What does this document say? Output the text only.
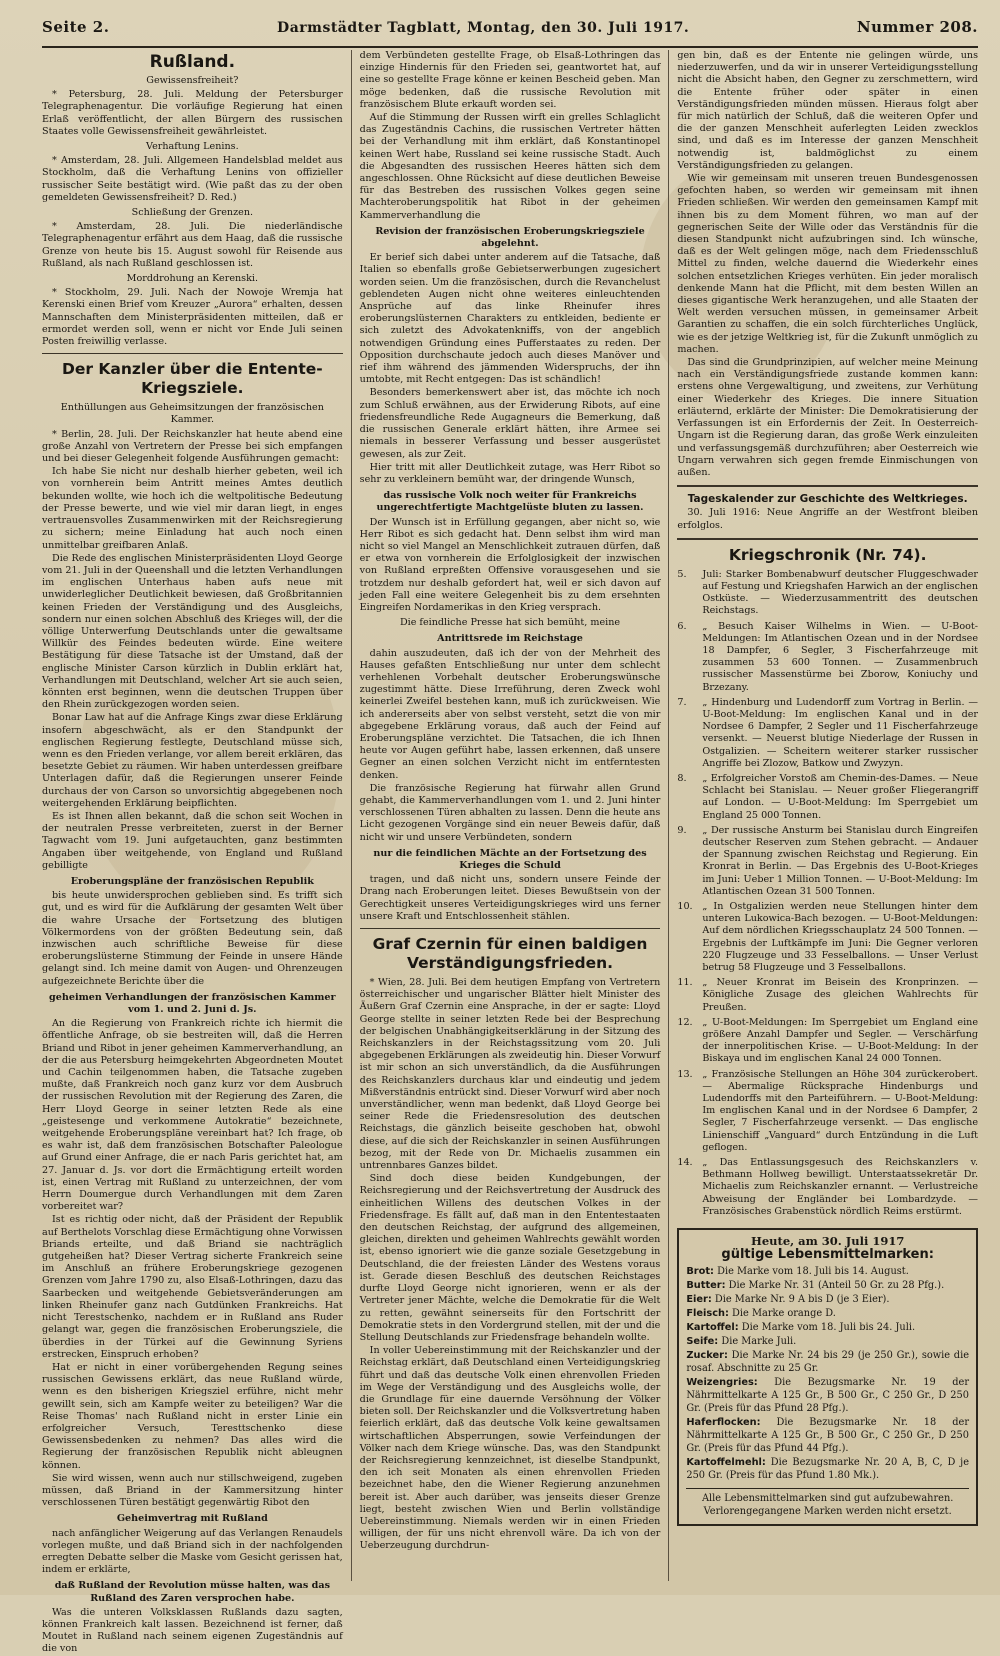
Seite 2.	Darmstädter Tagblatt, Montag, den 30. Juli 1917.	Nummer 208.
Rußland.
Gewissensfreiheit?

* Petersburg, 28. Juli. Meldung der Petersburger Telegraphenagentur. Die vorläufige Regierung hat einen Erlaß veröffentlicht, der allen Bürgern des russischen Staates volle Gewissensfreiheit gewährleistet.

Verhaftung Lenins.

* Amsterdam, 28. Juli. Allgemeen Handelsblad meldet aus Stockholm, daß die Verhaftung Lenins von offizieller russischer Seite bestätigt wird. (Wie paßt das zu der oben gemeldeten Gewissensfreiheit? D. Red.)

Schließung der Grenzen.

* Amsterdam, 28. Juli. Die niederländische Telegraphenagentur erfährt aus dem Haag, daß die russische Grenze von heute bis 15. August sowohl für Reisende aus Rußland, als nach Rußland geschlossen ist.

Morddrohung an Kerenski.

* Stockholm, 29. Juli. Nach der Nowoje Wremja hat Kerenski einen Brief vom Kreuzer „Aurora“ erhalten, dessen Mannschaften dem Ministerpräsidenten mitteilen, daß er ermordet werden soll, wenn er nicht vor Ende Juli seinen Posten freiwillig verlasse.

Der Kanzler über die Entente-Kriegsziele.
Enthüllungen aus Geheimsitzungen der französischen Kammer.

* Berlin, 28. Juli. Der Reichskanzler hat heute abend eine große Anzahl von Vertretern der Presse bei sich empfangen und bei dieser Gelegenheit folgende Ausführungen gemacht:

Ich habe Sie nicht nur deshalb hierher gebeten, weil ich von vornherein beim Antritt meines Amtes deutlich bekunden wollte, wie hoch ich die weltpolitische Bedeutung der Presse bewerte, und wie viel mir daran liegt, in enges vertrauensvolles Zusammenwirken mit der Reichsregierung zu sichern; meine Einladung hat auch noch einen unmittelbar greifbaren Anlaß.

Die Rede des englischen Ministerpräsidenten Lloyd George vom 21. Juli in der Queenshall und die letzten Verhandlungen im englischen Unterhaus haben aufs neue mit unwiderleglicher Deutlichkeit bewiesen, daß Großbritannien keinen Frieden der Verständigung und des Ausgleichs, sondern nur einen solchen Abschluß des Krieges will, der die völlige Unterwerfung Deutschlands unter die gewaltsame Willkür des Feindes bedeuten würde. Eine weitere Bestätigung für diese Tatsache ist der Umstand, daß der englische Minister Carson kürzlich in Dublin erklärt hat, Verhandlungen mit Deutschland, welcher Art sie auch seien, könnten erst beginnen, wenn die deutschen Truppen über den Rhein zurückgezogen worden seien.

Bonar Law hat auf die Anfrage Kings zwar diese Erklärung insofern abgeschwächt, als er den Standpunkt der englischen Regierung festlegte, Deutschland müsse sich, wenn es den Frieden verlange, vor allem bereit erklären, das besetzte Gebiet zu räumen. Wir haben unterdessen greifbare Unterlagen dafür, daß die Regierungen unserer Feinde durchaus der von Carson so unvorsichtig abgegebenen noch weitergehenden Erklärung beipflichten.

Es ist Ihnen allen bekannt, daß die schon seit Wochen in der neutralen Presse verbreiteten, zuerst in der Berner Tagwacht vom 19. Juni aufgetauchten, ganz bestimmten Angaben über weitgehende, von England und Rußland gebilligte

Eroberungspläne der französischen Republik

bis heute unwidersprochen geblieben sind. Es trifft sich gut, und es wird für die Aufklärung der gesamten Welt über die wahre Ursache der Fortsetzung des blutigen Völkermordens von der größten Bedeutung sein, daß inzwischen auch schriftliche Beweise für diese eroberungslüsterne Stimmung der Feinde in unsere Hände gelangt sind. Ich meine damit von Augen- und Ohrenzeugen aufgezeichnete Berichte über die

geheimen Verhandlungen der französischen Kammer vom 1. und 2. Juni d. Js.

An die Regierung von Frankreich richte ich hiermit die öffentliche Anfrage, ob sie bestreiten will, daß die Herren Briand und Ribot in jener geheimen Kammerverhandlung, an der die aus Petersburg heimgekehrten Abgeordneten Moutet und Cachin teilgenommen haben, die Tatsache zugeben mußte, daß Frankreich noch ganz kurz vor dem Ausbruch der russischen Revolution mit der Regierung des Zaren, die Herr Lloyd George in seiner letzten Rede als eine „geistesenge und verkommene Autokratie“ bezeichnete, weitgehende Eroberungspläne vereinbart hat? Ich frage, ob es wahr ist, daß dem französischen Botschafter Paleologue auf Grund einer Anfrage, die er nach Paris gerichtet hat, am 27. Januar d. Js. vor dort die Ermächtigung erteilt worden ist, einen Vertrag mit Rußland zu unterzeichnen, der vom Herrn Doumergue durch Verhandlungen mit dem Zaren vorbereitet war?

Ist es richtig oder nicht, daß der Präsident der Republik auf Berthelots Vorschlag diese Ermächtigung ohne Vorwissen Briands erteilte, und daß Briand sie nachträglich gutgeheißen hat? Dieser Vertrag sicherte Frankreich seine im Anschluß an frühere Eroberungskriege gezogenen Grenzen vom Jahre 1790 zu, also Elsaß-Lothringen, dazu das Saarbecken und weitgehende Gebietsveränderungen am linken Rheinufer ganz nach Gutdünken Frankreichs. Hat nicht Terestschenko, nachdem er in Rußland ans Ruder gelangt war, gegen die französischen Eroberungsziele, die überdies in der Türkei auf die Gewinnung Syriens erstrecken, Einspruch erhoben?

Hat er nicht in einer vorübergehenden Regung seines russischen Gewissens erklärt, das neue Rußland würde, wenn es den bisherigen Kriegsziel erführe, nicht mehr gewillt sein, sich am Kampfe weiter zu beteiligen? War die Reise Thomas' nach Rußland nicht in erster Linie ein erfolgreicher Versuch, Teresttschenko diese Gewissensbedenken zu nehmen? Das alles wird die Regierung der französischen Republik nicht ableugnen können.

Sie wird wissen, wenn auch nur stillschweigend, zugeben müssen, daß Briand in der Kammersitzung hinter verschlossenen Türen bestätigt gegenwärtig Ribot den

Geheimvertrag mit Rußland

nach anfänglicher Weigerung auf das Verlangen Renaudels vorlegen mußte, und daß Briand sich in der nachfolgenden erregten Debatte selber die Maske vom Gesicht gerissen hat, indem er erklärte,

daß Rußland der Revolution müsse halten, was das Rußland des Zaren versprochen habe.

Was die unteren Volksklassen Rußlands dazu sagten, können Frankreich kalt lassen. Bezeichnend ist ferner, daß Moutet in Rußland nach seinem eigenen Zugeständnis auf die von

dem Verbündeten gestellte Frage, ob Elsaß-Lothringen das einzige Hindernis für den Frieden sei, geantwortet hat, auf eine so gestellte Frage könne er keinen Bescheid geben. Man möge bedenken, daß die russische Revolution mit französischem Blute erkauft worden sei.

Auf die Stimmung der Russen wirft ein grelles Schlaglicht das Zugeständnis Cachins, die russischen Vertreter hätten bei der Verhandlung mit ihm erklärt, daß Konstantinopel keinen Wert habe, Russland sei keine russische Stadt. Auch die Abgesandten des russischen Heeres hätten sich dem angeschlossen. Ohne Rücksicht auf diese deutlichen Beweise für das Bestreben des russischen Volkes gegen seine Machteroberungspolitik hat Ribot in der geheimen Kammerverhandlung die

Revision der französischen Eroberungskriegsziele abgelehnt.

Er berief sich dabei unter anderem auf die Tatsache, daß Italien so ebenfalls große Gebietserwerbungen zugesichert worden seien. Um die französischen, durch die Revanchelust geblendeten Augen nicht ohne weiteres einleuchtenden Ansprüche auf das linke Rheinufer ihres eroberungslüsternen Charakters zu entkleiden, bediente er sich zuletzt des Advokatenkniffs, von der angeblich notwendigen Gründung eines Pufferstaates zu reden. Der Opposition durchschaute jedoch auch dieses Manöver und rief ihm während des jämmenden Widerspruchs, der ihn umtobte, mit Recht entgegen: Das ist schändlich!

Besonders bemerkenswert aber ist, das möchte ich noch zum Schluß erwähnen, aus der Erwiderung Ribots, auf eine friedensfreundliche Rede Augagneurs die Bemerkung, daß die russischen Generale erklärt hätten, ihre Armee sei niemals in besserer Verfassung und besser ausgerüstet gewesen, als zur Zeit.

Hier tritt mit aller Deutlichkeit zutage, was Herr Ribot so sehr zu verkleinern bemüht war, der dringende Wunsch,

das russische Volk noch weiter für Frankreichs ungerechtfertigte Machtgelüste bluten zu lassen.

Der Wunsch ist in Erfüllung gegangen, aber nicht so, wie Herr Ribot es sich gedacht hat. Denn selbst ihm wird man nicht so viel Mangel an Menschlichkeit zutrauen dürfen, daß er etwa von vornherein die Erfolglosigkeit der inzwischen von Rußland erpreßten Offensive vorausgesehen und sie trotzdem nur deshalb gefordert hat, weil er sich davon auf jeden Fall eine weitere Gelegenheit bis zu dem ersehnten Eingreifen Nordamerikas in den Krieg versprach.

Die feindliche Presse hat sich bemüht, meine
Antrittsrede im Reichstage

dahin auszudeuten, daß ich der von der Mehrheit des Hauses gefaßten Entschließung nur unter dem schlecht verhehlenen Vorbehalt deutscher Eroberungswünsche zugestimmt hätte. Diese Irreführung, deren Zweck wohl keinerlei Zweifel bestehen kann, muß ich zurückweisen. Wie ich andererseits aber von selbst versteht, setzt die von mir abgegebene Erklärung voraus, daß auch der Feind auf Eroberungspläne verzichtet. Die Tatsachen, die ich Ihnen heute vor Augen geführt habe, lassen erkennen, daß unsere Gegner an einen solchen Verzicht nicht im entferntesten denken.

Die französische Regierung hat fürwahr allen Grund gehabt, die Kammerverhandlungen vom 1. und 2. Juni hinter verschlossenen Türen abhalten zu lassen. Denn die heute ans Licht gezogenen Vorgänge sind ein neuer Beweis dafür, daß nicht wir und unsere Verbündeten, sondern

nur die feindlichen Mächte an der Fortsetzung des Krieges die Schuld

tragen, und daß nicht uns, sondern unsere Feinde der Drang nach Eroberungen leitet. Dieses Bewußtsein von der Gerechtigkeit unseres Verteidigungskrieges wird uns ferner unsere Kraft und Entschlossenheit stählen.

Graf Czernin für einen baldigen Verständigungsfrieden.

* Wien, 28. Juli. Bei dem heutigen Empfang von Vertretern österreichischer und ungarischer Blätter hielt Minister des Äußern Graf Czernin eine Ansprache, in der er sagte: Lloyd George stellte in seiner letzten Rede bei der Besprechung der belgischen Unabhängigkeitserklärung in der Sitzung des Reichskanzlers in der Reichstagssitzung vom 20. Juli abgegebenen Erklärungen als zweideutig hin. Dieser Vorwurf ist mir schon an sich unverständlich, da die Ausführungen des Reichskanzlers durchaus klar und eindeutig und jedem Mißverständnis entrückt sind. Dieser Vorwurf wird aber noch unverständlicher, wenn man bedenkt, daß Lloyd George bei seiner Rede die Friedensresolution des deutschen Reichstags, die gänzlich beiseite geschoben hat, obwohl diese, auf die sich der Reichskanzler in seinen Ausführungen bezog, mit der Rede von Dr. Michaelis zusammen ein untrennbares Ganzes bildet.

Sind doch diese beiden Kundgebungen, der Reichsregierung und der Reichsvertretung der Ausdruck des einheitlichen Willens des deutschen Volkes in der Friedensfrage. Es fällt auf, daß man in den Ententestaaten den deutschen Reichstag, der aufgrund des allgemeinen, gleichen, direkten und geheimen Wahlrechts gewählt worden ist, ebenso ignoriert wie die ganze soziale Gesetzgebung in Deutschland, die der freiesten Länder des Westens voraus ist. Gerade diesen Beschluß des deutschen Reichstages durfte Lloyd George nicht ignorieren, wenn er als der Vertreter jener Mächte, welche die Demokratie für die Welt zu retten, gewähnt seinerseits für den Fortschritt der Demokratie stets in den Vordergrund stellen, mit der und die Stellung Deutschlands zur Friedensfrage behandeln wollte.

In voller Uebereinstimmung mit der Reichskanzler und der Reichstag erklärt, daß Deutschland einen Verteidigungskrieg führt und daß das deutsche Volk einen ehrenvollen Frieden im Wege der Verständigung und des Ausgleichs wolle, der die Grundlage für eine dauernde Versöhnung der Völker bieten soll. Der Reichskanzler und die Volksvertretung haben feierlich erklärt, daß das deutsche Volk keine gewaltsamen wirtschaftlichen Absperrungen, sowie Verfeindungen der Völker nach dem Kriege wünsche. Das, was den Standpunkt der Reichsregierung kennzeichnet, ist dieselbe Standpunkt, den ich seit Monaten als einen ehrenvollen Frieden bezeichnet habe, den die Wiener Regierung anzunehmen bereit ist. Aber auch darüber, was jenseits dieser Grenze liegt, besteht zwischen Wien und Berlin vollständige Uebereinstimmung. Niemals werden wir in einen Frieden willigen, der für uns nicht ehrenvoll wäre. Da ich von der Ueberzeugung durchdrun-

gen bin, daß es der Entente nie gelingen würde, uns niederzuwerfen, und da wir in unserer Verteidigungsstellung nicht die Absicht haben, den Gegner zu zerschmettern, wird die Entente früher oder später in einen Verständigungsfrieden münden müssen. Hieraus folgt aber für mich natürlich der Schluß, daß die weiteren Opfer und die der ganzen Menschheit auferlegten Leiden zwecklos sind, und daß es im Interesse der ganzen Menschheit notwendig ist, baldmöglichst zu einem Verständigungsfrieden zu gelangen.

Wie wir gemeinsam mit unseren treuen Bundesgenossen gefochten haben, so werden wir gemeinsam mit ihnen Frieden schließen. Wir werden den gemeinsamen Kampf mit ihnen bis zu dem Moment führen, wo man auf der gegnerischen Seite der Wille oder das Verständnis für die diesen Standpunkt nicht aufzubringen sind. Ich wünsche, daß es der Welt gelingen möge, nach dem Friedensschluß Mittel zu finden, welche dauernd die Wiederkehr eines solchen entsetzlichen Krieges verhüten. Ein jeder moralisch denkende Mann hat die Pflicht, mit dem besten Willen an dieses gigantische Werk heranzugehen, und alle Staaten der Welt werden versuchen müssen, in gemeinsamer Arbeit Garantien zu schaffen, die ein solch fürchterliches Unglück, wie es der jetzige Weltkrieg ist, für die Zukunft unmöglich zu machen.

Das sind die Grundprinzipien, auf welcher meine Meinung nach ein Verständigungsfriede zustande kommen kann: erstens ohne Vergewaltigung, und zweitens, zur Verhütung einer Wiederkehr des Krieges. Die innere Situation erläuternd, erklärte der Minister: Die Demokratisierung der Verfassungen ist ein Erfordernis der Zeit. In Oesterreich-Ungarn ist die Regierung daran, das große Werk einzuleiten und verfassungsgemäß durchzuführen; aber Oesterreich wie Ungarn verwahren sich gegen fremde Einmischungen von außen.

Tageskalender zur Geschichte des Weltkrieges.

30. Juli 1916: Neue Angriffe an der Westfront bleiben erfolglos.

Kriegschronik (Nr. 74).
5.	Juli: Starker Bombenabwurf deutscher Fluggeschwader auf Festung und Kriegshafen Harwich an der englischen Ostküste. — Wiederzusammentritt des deutschen Reichstags.
6.	„ Besuch Kaiser Wilhelms in Wien. — U-Boot-Meldungen: Im Atlantischen Ozean und in der Nordsee 18 Dampfer, 6 Segler, 3 Fischerfahrzeuge mit zusammen 53 600 Tonnen. — Zusammenbruch russischer Massenstürme bei Zborow, Koniuchy und Brzezany.
7.	„ Hindenburg und Ludendorff zum Vortrag in Berlin. — U-Boot-Meldung: Im englischen Kanal und in der Nordsee 6 Dampfer, 2 Segler und 11 Fischerfahrzeuge versenkt. — Neuerst blutige Niederlage der Russen in Ostgalizien. — Scheitern weiterer starker russischer Angriffe bei Zlozow, Batkow und Zwyzyn.
8.	„ Erfolgreicher Vorstoß am Chemin-des-Dames. — Neue Schlacht bei Stanislau. — Neuer großer Fliegerangriff auf London. — U-Boot-Meldung: Im Sperrgebiet um England 25 000 Tonnen.
9.	„ Der russische Ansturm bei Stanislau durch Eingreifen deutscher Reserven zum Stehen gebracht. — Andauer der Spannung zwischen Reichstag und Regierung. Ein Kronrat in Berlin. — Das Ergebnis des U-Boot-Krieges im Juni: Ueber 1 Million Tonnen. — U-Boot-Meldung: Im Atlantischen Ozean 31 500 Tonnen.
10.	„ In Ostgalizien werden neue Stellungen hinter dem unteren Lukowica-Bach bezogen. — U-Boot-Meldungen: Auf dem nördlichen Kriegsschauplatz 24 500 Tonnen. — Ergebnis der Luftkämpfe im Juni: Die Gegner verloren 220 Flugzeuge und 33 Fesselballons. — Unser Verlust betrug 58 Flugzeuge und 3 Fesselballons.
11.	„ Neuer Kronrat im Beisein des Kronprinzen. — Königliche Zusage des gleichen Wahlrechts für Preußen.
12.	„ U-Boot-Meldungen: Im Sperrgebiet um England eine größere Anzahl Dampfer und Segler. — Verschärfung der innerpolitischen Krise. — U-Boot-Meldung: In der Biskaya und im englischen Kanal 24 000 Tonnen.
13.	„ Französische Stellungen an Höhe 304 zurückerobert. — Abermalige Rücksprache Hindenburgs und Ludendorffs mit den Parteiführern. — U-Boot-Meldung: Im englischen Kanal und in der Nordsee 6 Dampfer, 2 Segler, 7 Fischerfahrzeuge versenkt. — Das englische Linienschiff „Vanguard“ durch Entzündung in die Luft geflogen.
14.	„ Das Entlassungsgesuch des Reichskanzlers v. Bethmann Hollweg bewilligt. Unterstaatssekretär Dr. Michaelis zum Reichskanzler ernannt. — Verlustreiche Abweisung der Engländer bei Lombardzyde. — Französisches Grabenstück nördlich Reims erstürmt.
Heute, am 30. Juli 1917
gültige Lebensmittelmarken:

Brot: Die Marke vom 18. Juli bis 14. August.

Butter: Die Marke Nr. 31 (Anteil 50 Gr. zu 28 Pfg.).

Eier: Die Marke Nr. 9 A bis D (je 3 Eier).

Fleisch: Die Marke orange D.

Kartoffel: Die Marke vom 18. Juli bis 24. Juli.

Seife: Die Marke Juli.

Zucker: Die Marke Nr. 24 bis 29 (je 250 Gr.), sowie die rosaf. Abschnitte zu 25 Gr.

Weizengries: Die Bezugsmarke Nr. 19 der Nährmittelkarte A 125 Gr., B 500 Gr., C 250 Gr., D 250 Gr. (Preis für das Pfund 28 Pfg.).

Haferflocken: Die Bezugsmarke Nr. 18 der Nährmittelkarte A 125 Gr., B 500 Gr., C 250 Gr., D 250 Gr. (Preis für das Pfund 44 Pfg.).

Kartoffelmehl: Die Bezugsmarke Nr. 20 A, B, C, D je 250 Gr. (Preis für das Pfund 1.80 Mk.).

Alle Lebensmittelmarken sind gut aufzubewahren. Verlorengegangene Marken werden nicht ersetzt.
